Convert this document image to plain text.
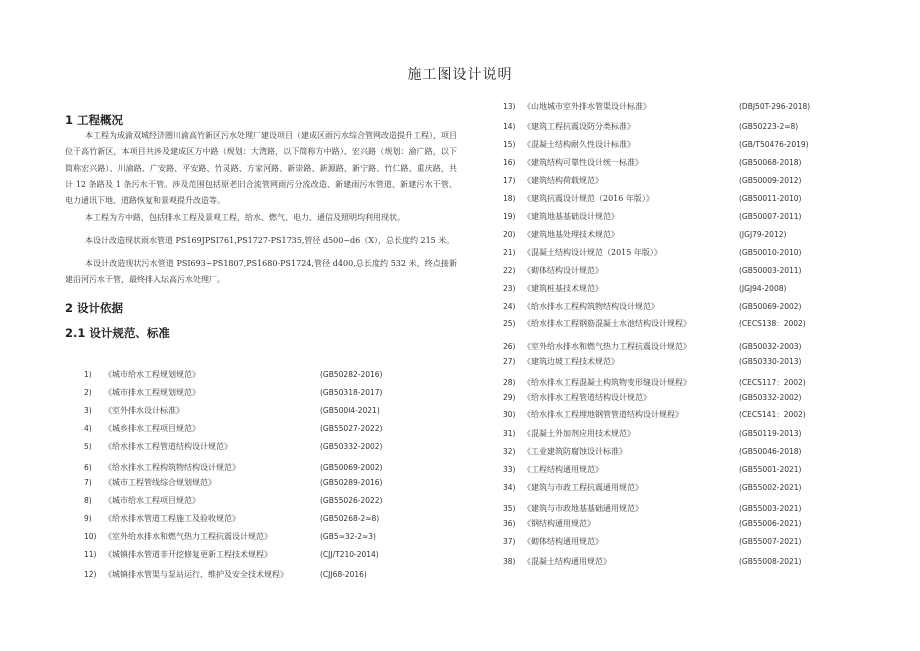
施工图设计说明
1 工程概况

本工程为成渝双城经济圈川渝高竹新区污水处理厂建设项目（建成区雨污水综合管网改造提升工程），项目位于高竹新区，本项目共涉及建成区方中路（规划：大湾路，以下简称方中路）、宏兴路（规划：渝广路，以下简称宏兴路）、川渝路、广安路、平安路、竹灵路、方家河路、新崇路、新源路、新宁路、竹仁路、重庆路，共计 12 条路及 1 条污水干管。涉及范围包括原老旧合流管网雨污分流改造、新建雨污水管道、新建污水干管、电力通讯下地、道路恢复和景观提升改造等。

本工程为方中路，包括排水工程及景观工程，给水、燃气、电力、通信及照明均利用现状。

本设计改造现状雨水管道 PS169JPSI761,PS1727-PS1735,管径 d500~d6（X），总长度约 215 米。

本设计改造现状污水管道 PSI693~PS1807,PS1680-PS1724,管径 d400,总长度约 532 米，终点接新建沿河污水干管，最终排入坛高污水处理厂。

2 设计依据
2.1 设计规范、标准
1)	《城市给水工程规划规范》	(GB50282-2016)
2)	《城市排水工程规划规范》	(GB50318-2017)
3)	《室外排水设计标准》	(GB500l4-2021)
4)	《城乡排水工程项目规范》	(GB55027-2022)
5)	《给水排水工程管道结构设计规范》	(GB50332-2002)
6)	《给水排水工程构筑物结构设计规范》	(GB50069-2002)
7)	《城市工程管线综合规划规范》	(GB50289-2016)
8)	《城市给水工程项目规范》	(GB55026-2022)
9)	《给水排水管道工程施工及验收规范》	(GB50268-2≈8)
10) 《室外给水排水和燃气热力工程抗震设计规范》	(GB5≈32-2≈3)
11) 《城镇排水管道非开挖修复更新工程技术规程》	(CJJ/T210-2014)
12) 《城镇排水管渠与泵站运行、维护及安全技术规程》	(CJJ68-2016)
13) 《山地城市室外排水管渠设计标准》	(DBJ50T-296-2018)
14) 《建筑工程抗震设防分类标准》	(GB50223-2≈8)
15) 《混凝土结构耐久性设计标准》	(GB/T50476-2019)
16) 《建筑结构可靠性设计统一标准》	(GB50068-2018)
17) 《建筑结构荷载规范》	(GB50009-2012)
18) 《建筑抗震设计规范（2016 年版）》	(GB50011-2010)
19) 《建筑地基基础设计规范》	(GB50007-2011)
20) 《建筑地基处理技术规范》	(JGJ79-2012)
21) 《混凝土结构设计规范（2015 年版）》	(GB50010-2010)
22) 《砌体结构设计规范》	(GB50003-2011)
23) 《建筑桩基技术规范》	(JGJ94-2008)
24) 《给水排水工程构筑物结构设计规范》	(GB50069-2002)
25) 《给水排水工程钢筋混凝土水池结构设计规程》	(CECS138：2002)
26) 《室外给水排水和燃气热力工程抗震设计规范》	(GB50032-2003)
27) 《建筑边坡工程技术规范》	(GB50330-2013)
28) 《给水排水工程混凝土构筑物变形缝设计规程》	(CECS117：2002)
29) 《给水排水工程管道结构设计规范》	(GB50332-2002)
30) 《给水排水工程埋地钢管管道结构设计规程》	(CECS141：2002)
31) 《混凝土外加剂应用技术规范》	(GB50119-2013)
32) 《工业建筑防腐蚀设计标准》	(GB50046-2018)
33) 《工程结构通用规范》	(GB55001-2021)
34) 《建筑与市政工程抗震通用规范》	(GB55002-2021)
35) 《建筑与市政地基基础通用规范》	(GB55003-2021)
36) 《钢结构通用规范》	(GB55006-2021)
37) 《砌体结构通用规范》	(GB55007-2021)
38) 《混凝土结构通用规范》	(GB55008-2021)
